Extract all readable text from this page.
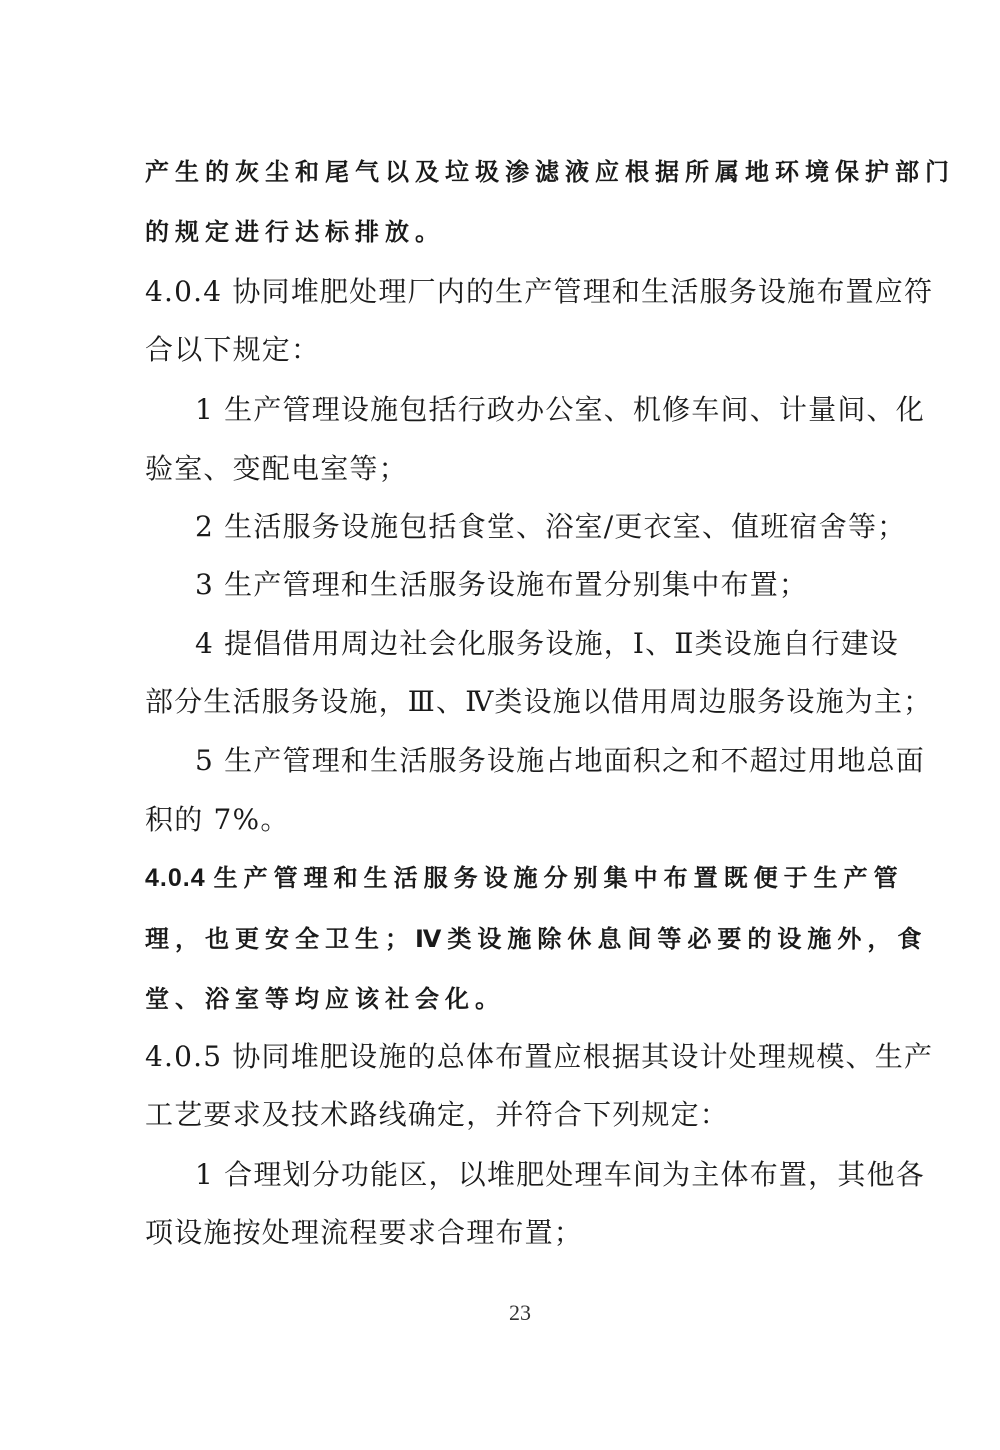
产生的灰尘和尾气以及垃圾渗滤液应根据所属地环境保护部门
的规定进行达标排放。
4.0.4 协同堆肥处理厂内的生产管理和生活服务设施布置应符
合以下规定：
1 生产管理设施包括行政办公室、机修车间、计量间、化
验室、变配电室等；
2 生活服务设施包括食堂、浴室/更衣室、值班宿舍等；
3 生产管理和生活服务设施布置分别集中布置；
4 提倡借用周边社会化服务设施，Ⅰ、Ⅱ类设施自行建设
部分生活服务设施，Ⅲ、Ⅳ类设施以借用周边服务设施为主；
5 生产管理和生活服务设施占地面积之和不超过用地总面
积的 7%。
4.0.4 生产管理和生活服务设施分别集中布置既便于生产管
理，也更安全卫生；Ⅳ类设施除休息间等必要的设施外，食
堂、浴室等均应该社会化。
4.0.5 协同堆肥设施的总体布置应根据其设计处理规模、生产
工艺要求及技术路线确定，并符合下列规定：
1 合理划分功能区，以堆肥处理车间为主体布置，其他各
项设施按处理流程要求合理布置；
23
